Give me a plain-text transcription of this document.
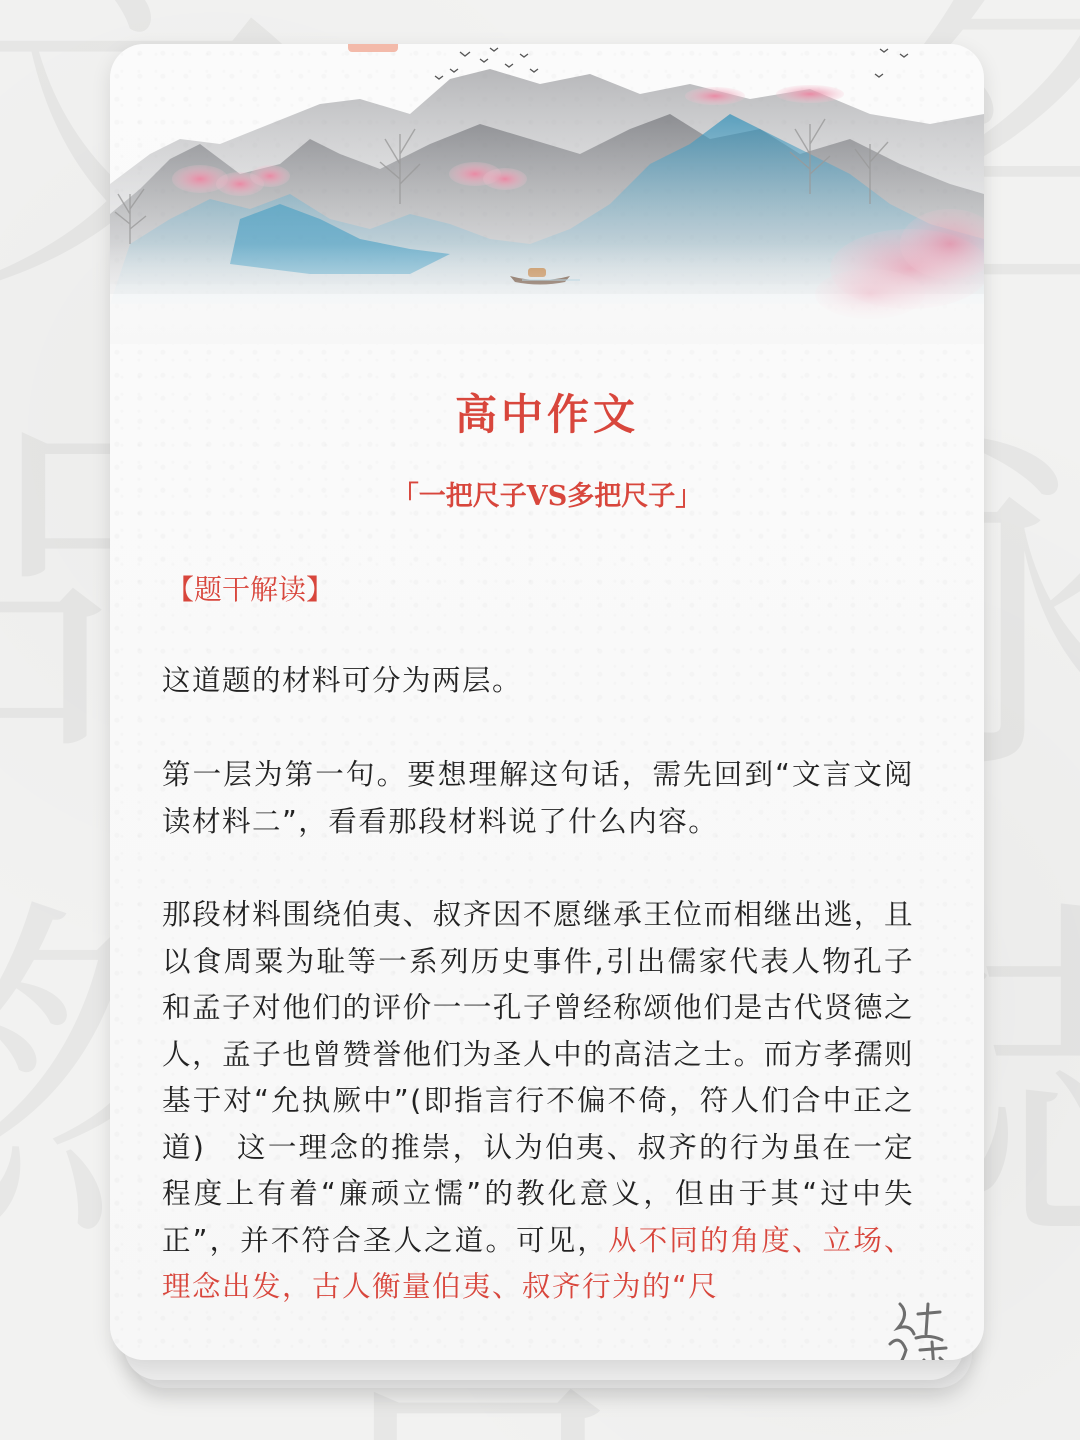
高中作文
「一把尺子VS多把尺子」
【题干解读】

这道题的材料可分为两层。

第一层为第一句。要想理解这句话，需先回到“文言文阅读材料二”，看看那段材料说了什么内容。

那段材料围绕伯夷、叔齐因不愿继承王位而相继出逃，且以食周粟为耻等一系列历史事件,引出儒家代表人物孔子和孟子对他们的评价一一孔子曾经称颂他们是古代贤德之人，孟子也曾赞誉他们为圣人中的高洁之士。而方孝孺则基于对“允执厥中”(即指言行不偏不倚，符人们合中正之道)　这一理念的推崇，认为伯夷、叔齐的行为虽在一定程度上有着“廉顽立懦”的教化意义，但由于其“过中失正”，并不符合圣人之道。可见，从不同的角度、立场、理念出发，古人衡量伯夷、叔齐行为的“尺
